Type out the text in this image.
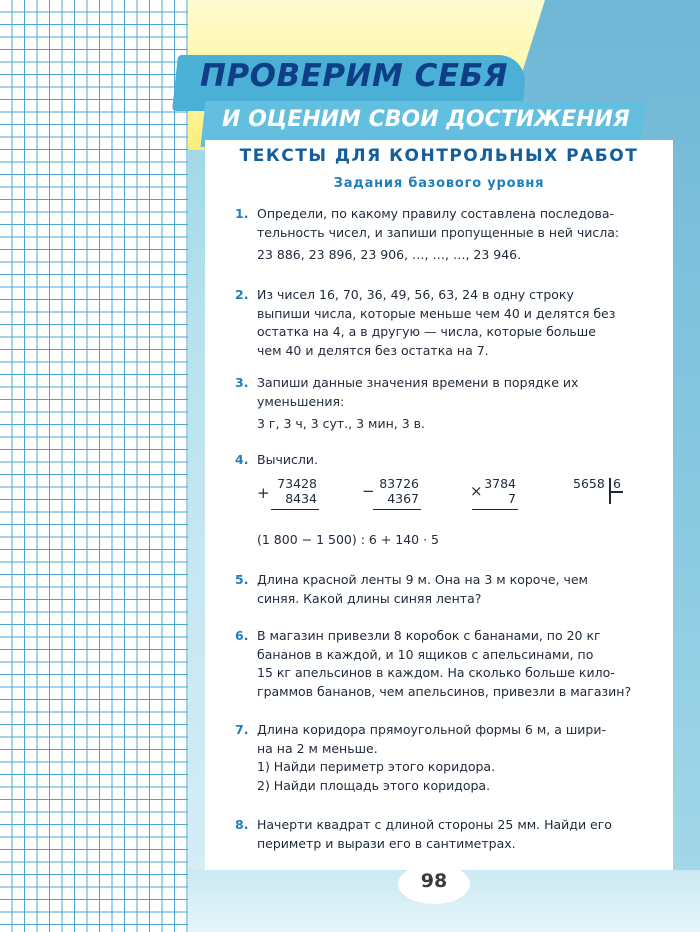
ПРОВЕРИМ СЕБЯ
И ОЦЕНИМ СВОИ ДОСТИЖЕНИЯ
ТЕКСТЫ ДЛЯ КОНТРОЛЬНЫХ РАБОТ
Задания базового уровня
1. Определи, по какому правилу составлена последова-
тельность чисел, и запиши пропущенные в ней числа:
23 886, 23 896, 23 906, …, …, …, 23 946.
2. Из чисел 16, 70, 36, 49, 56, 63, 24 в одну строку
выпиши числа, которые меньше чем 40 и делятся без
остатка на 4, а в другую — числа, которые больше
чем 40 и делятся без остатка на 7.
3. Запиши данные значения времени в порядке их
уменьшения:
3 г, 3 ч, 3 сут., 3 мин, 3 в.
4. Вычисли.
+
73428
8434	− 83726
4367	× 3784
7
5658 6
(1 800 − 1 500) : 6 + 140 · 5
5. Длина красной ленты 9 м. Она на 3 м короче, чем
синяя. Какой длины синяя лента?
6. В магазин привезли 8 коробок с бананами, по 20 кг
бананов в каждой, и 10 ящиков с апельсинами, по
15 кг апельсинов в каждом. На сколько больше кило-
граммов бананов, чем апельсинов, привезли в магазин?
7. Длина коридора прямоугольной формы 6 м, а шири-
на на 2 м меньше.
1) Найди периметр этого коридора.
2) Найди площадь этого коридора.
8. Начерти квадрат с длиной стороны 25 мм. Найди его
периметр и вырази его в сантиметрах.
98
